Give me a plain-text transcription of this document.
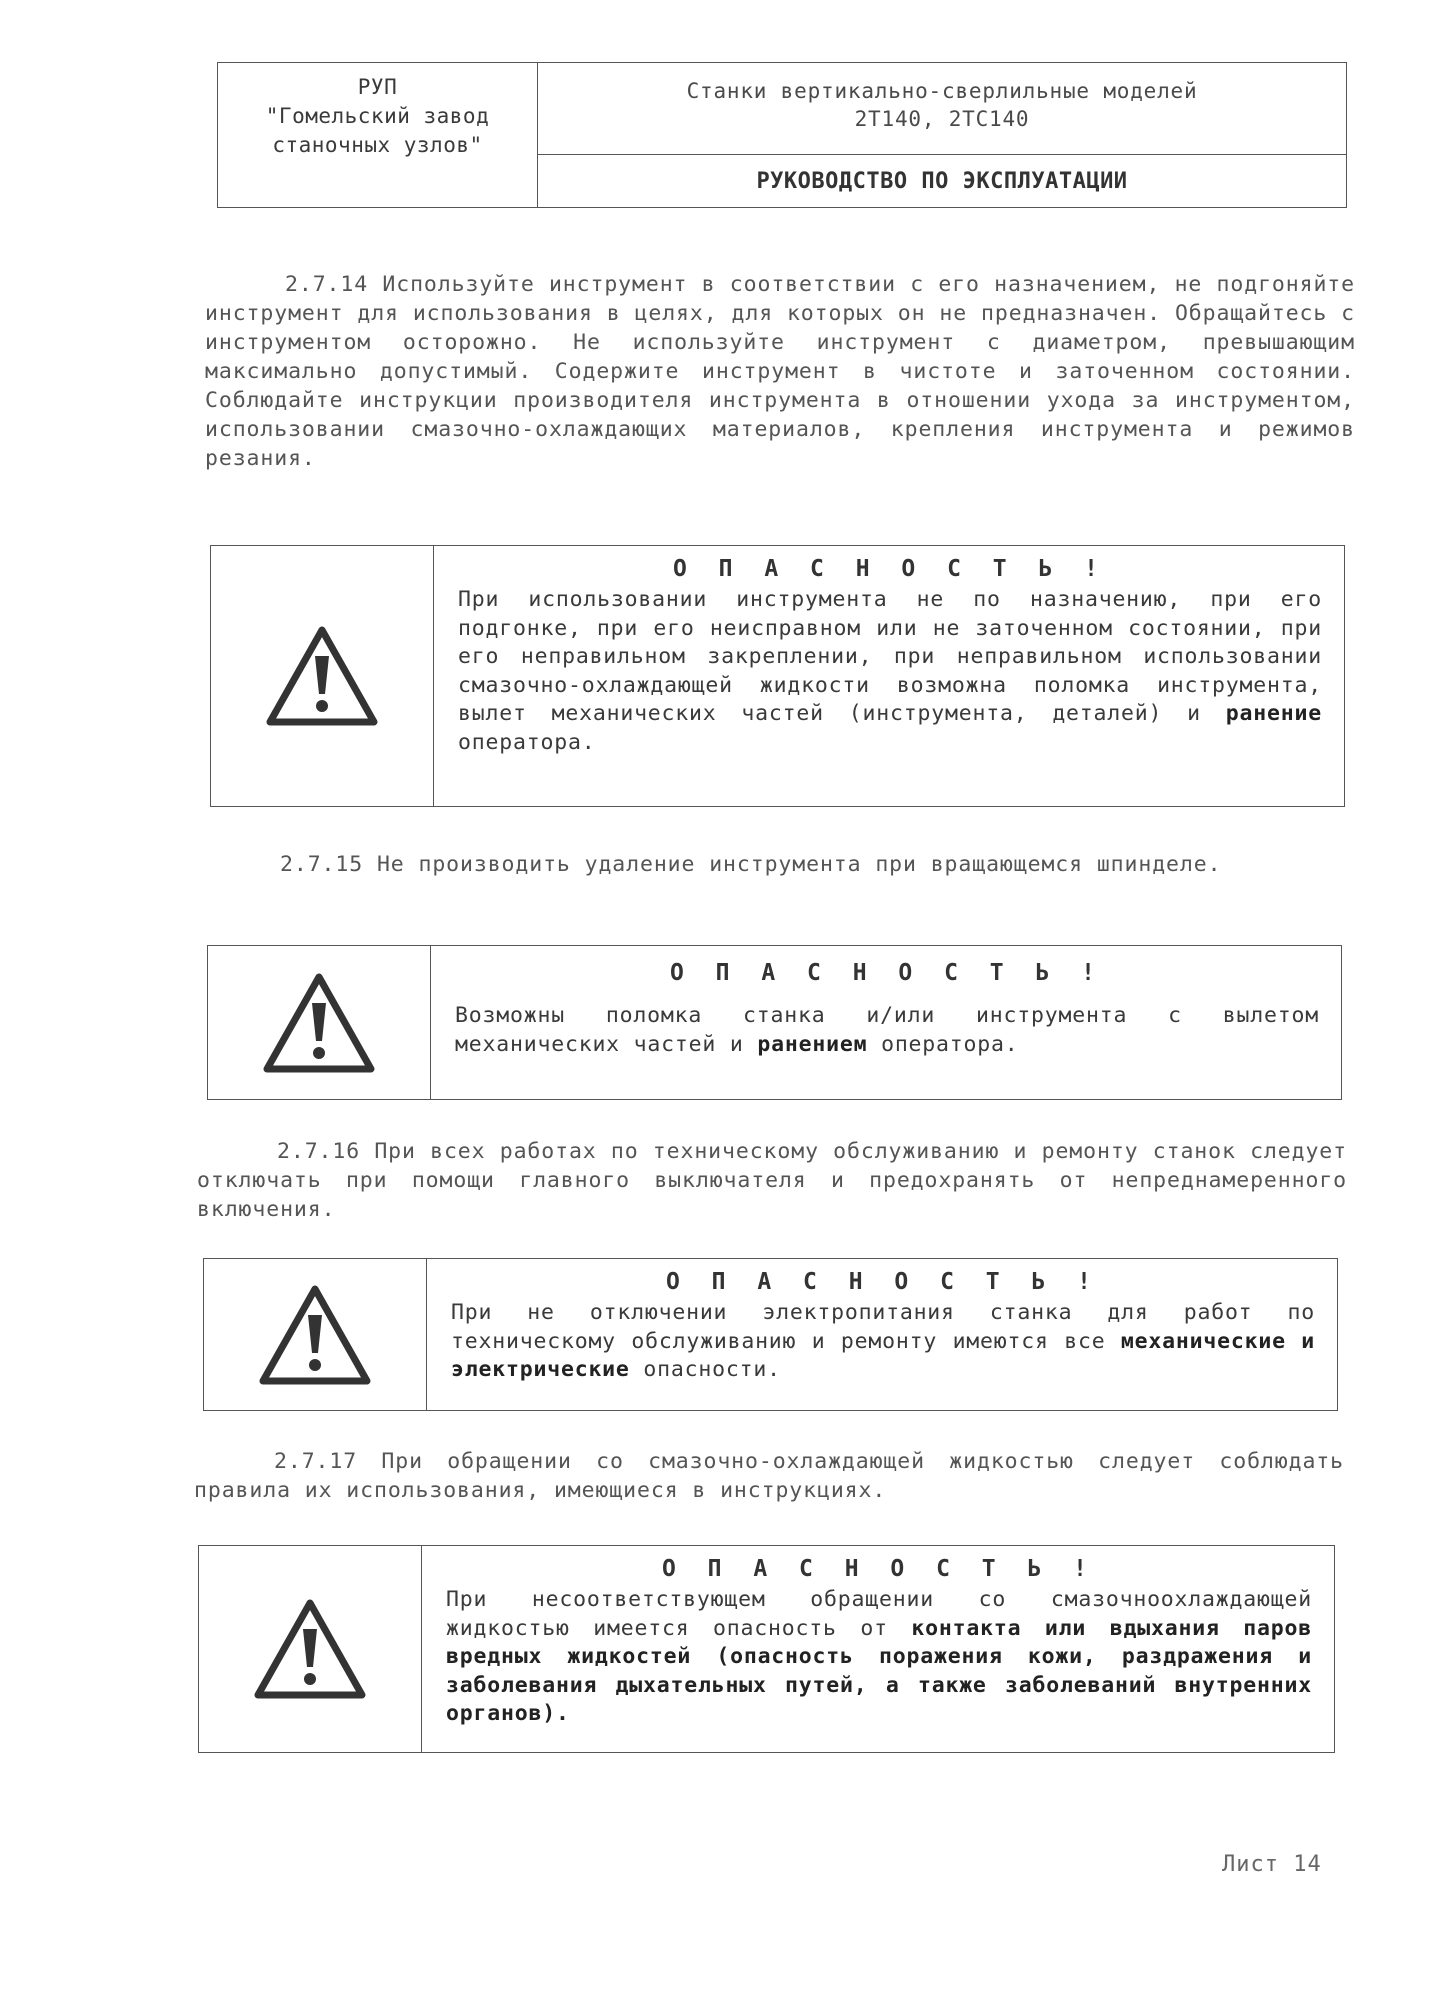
РУП
"Гомельский завод
станочных узлов"
Станки вертикально-сверлильные моделей
2Т140, 2ТС140
РУКОВОДСТВО ПО ЭКСПЛУАТАЦИИ

2.7.14 Используйте инструмент в соответствии с его назначением, не подгоняйте инструмент для использования в целях, для которых он не предназначен. Обращайтесь с инструментом осторожно. Не используйте инструмент с диаметром, превышающим максимально допустимый. Содержите инструмент в чистоте и заточенном состоянии. Соблюдайте инструкции производителя инструмента в отношении ухода за инструментом, использовании смазочно-охлаждающих материалов, крепления инструмента и режимов резания.

О П А С Н О С Т Ь !
При использовании инструмента не по назначению, при его подгонке, при его неисправном или не заточенном состоянии, при его неправильном закреплении, при неправильном использовании смазочно-охлаждающей жидкости возможна поломка инструмента, вылет механических частей (инструмента, деталей) и ранение оператора.

2.7.15 Не производить удаление инструмента при вращающемся шпинделе.

О П А С Н О С Т Ь !
Возможны поломка станка и/или инструмента с вылетом механических частей и ранением оператора.

2.7.16 При всех работах по техническому обслуживанию и ремонту станок следует отключать при помощи главного выключателя и предохранять от непреднамеренного включения.

О П А С Н О С Т Ь !
При не отключении электропитания станка для работ по техническому обслуживанию и ремонту имеются все механические и электрические опасности.

2.7.17 При обращении со смазочно-охлаждающей жидкостью следует соблюдать правила их использования, имеющиеся в инструкциях.

О П А С Н О С Т Ь !
При несоответствующем обращении со смазочноохлаждающей жидкостью имеется опасность от контакта или вдыхания паров вредных жидкостей (опасность поражения кожи, раздражения и заболевания дыхательных путей, а также заболеваний внутренних органов).
Лист 14
